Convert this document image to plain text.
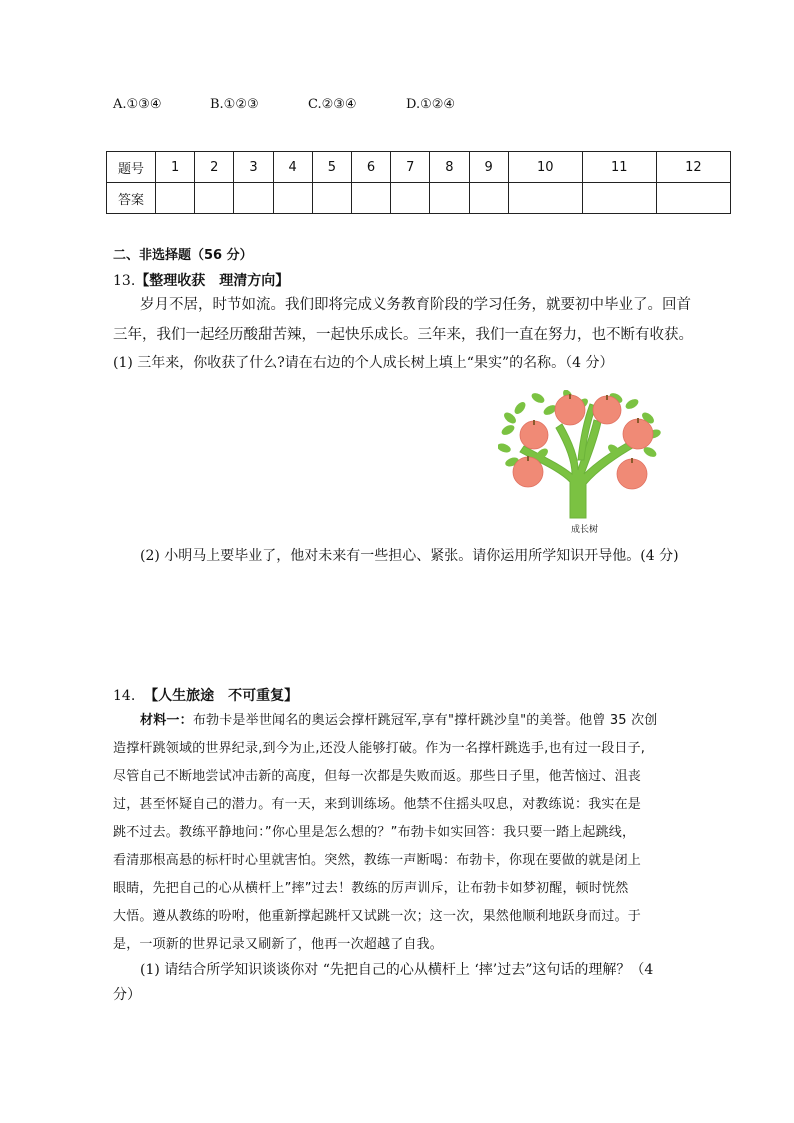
A.①③④	B.①②③	C.②③④	D.①②④
题号	1	2	3	4	5	6	7	8	9	10	11	12
答案												
二、非选择题（56 分）
13.【整理收获　理清方向】
岁月不居，时节如流。我们即将完成义务教育阶段的学习任务，就要初中毕业了。回首
三年，我们一起经历酸甜苦辣，一起快乐成长。三年来，我们一直在努力，也不断有收获。
(1) 三年来，你收获了什么?请在右边的个人成长树上填上“果实”的名称。（4 分）
成长树
(2) 小明马上要毕业了，他对未来有一些担心、紧张。请你运用所学知识开导他。(4 分)
14. 【人生旅途　不可重复】
材料一：布勃卡是举世闻名的奥运会撑杆跳冠军,享有"撑杆跳沙皇"的美誉。他曾 35 次创
造撑杆跳领域的世界纪录,到今为止,还没人能够打破。作为一名撑杆跳选手,也有过一段日子,
尽管自己不断地尝试冲击新的高度，但每一次都是失败而返。那些日子里，他苦恼过、沮丧
过，甚至怀疑自己的潜力。有一天，来到训练场。他禁不住摇头叹息，对教练说：我实在是
跳不过去。教练平静地问：”你心里是怎么想的？”布勃卡如实回答：我只要一踏上起跳线，
看清那根高悬的标杆时心里就害怕。突然，教练一声断喝：布勃卡，你现在要做的就是闭上
眼睛，先把自己的心从横杆上”摔”过去！教练的厉声训斥，让布勃卡如梦初醒，顿时恍然
大悟。遵从教练的吩咐，他重新撑起跳杆又试跳一次；这一次，果然他顺利地跃身而过。于
是，一项新的世界记录又刷新了，他再一次超越了自我。
(1) 请结合所学知识谈谈你对 “先把自己的心从横杆上 ‘摔’过去”这句话的理解？（4
分）
